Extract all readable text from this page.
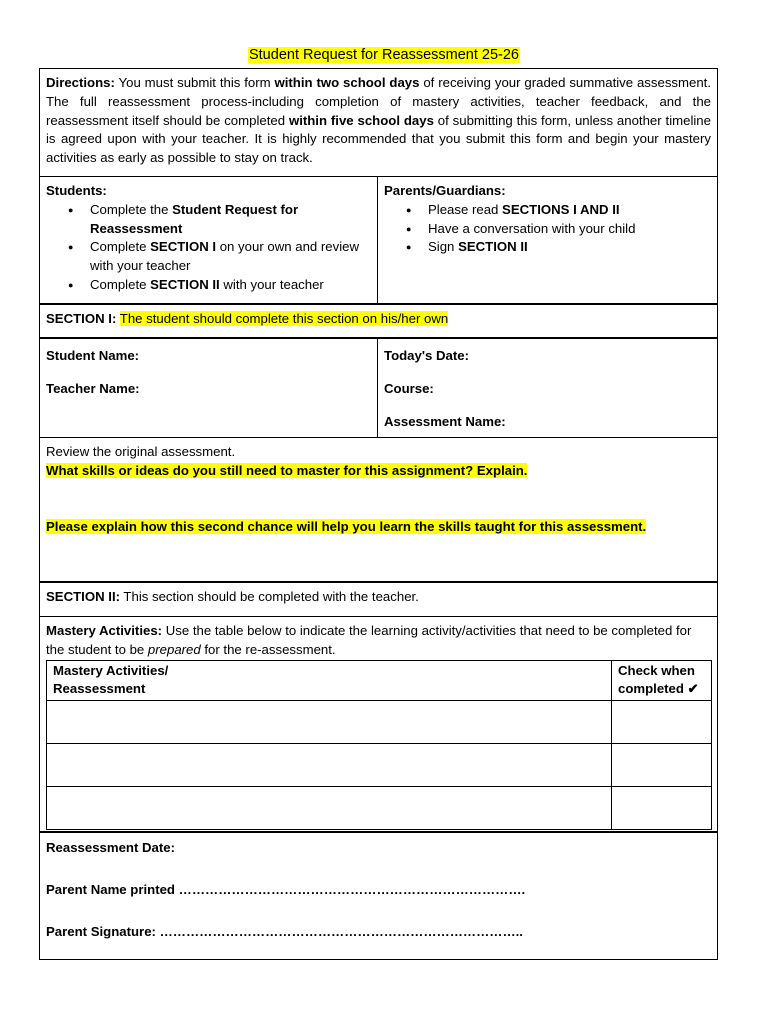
Student Request for Reassessment 25-26
Directions: You must submit this form within two school days of receiving your graded summative assessment. The full reassessment process-including completion of mastery activities, teacher feedback, and the reassessment itself should be completed within five school days of submitting this form, unless another timeline is agreed upon with your teacher. It is highly recommended that you submit this form and begin your mastery activities as early as possible to stay on track.
Students:
● Complete the Student Request for Reassessment
● Complete SECTION I on your own and review with your teacher
● Complete SECTION II with your teacher
Parents/Guardians:
● Please read SECTIONS I AND II
● Have a conversation with your child
● Sign SECTION II
SECTION I: The student should complete this section on his/her own
Student Name:
Teacher Name:
Today's Date:
Course:
Assessment Name:
Review the original assessment.
What skills or ideas do you still need to master for this assignment? Explain.
Please explain how this second chance will help you learn the skills taught for this assessment.
SECTION II: This section should be completed with the teacher.
Mastery Activities: Use the table below to indicate the learning activity/activities that need to be completed for the student to be prepared for the re-assessment.
Mastery Activities/
Reassessment	Check when
completed ✔

Reassessment Date:
Parent Name printed …………………………………………………………………….
Parent Signature: ………………………………………………………………………..
